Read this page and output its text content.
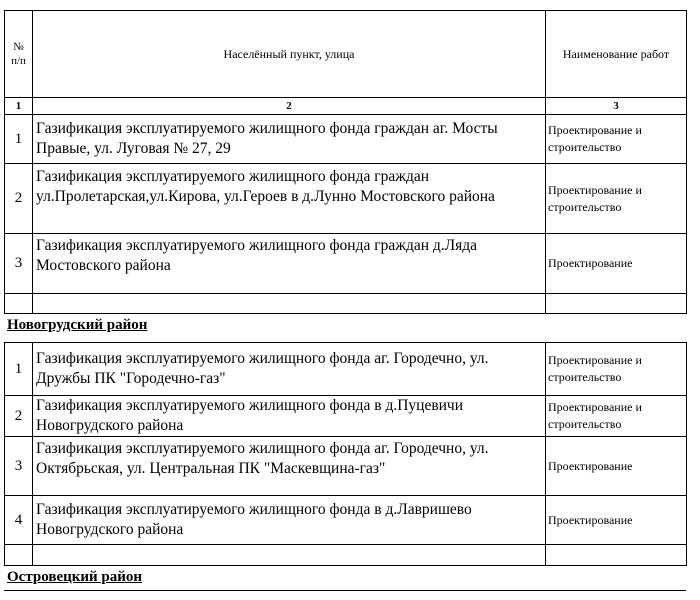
№
п/п	Населённый пункт, улица	Наименование работ
1	2	3
1	Газификация эксплуатируемого жилищного фонда граждан аг. Мосты Правые, ул. Луговая № 27, 29	Проектирование и строительство
2	Газификация эксплуатируемого жилищного фонда граждан ул.Пролетарская,ул.Кирова, ул.Героев в д.Лунно Мостовского района	Проектирование и строительство
3	Газификация эксплуатируемого жилищного фонда граждан д.Ляда Мостовского района	Проектирование

Новогрудский район
1	Газификация эксплуатируемого жилищного фонда аг. Городечно, ул. Дружбы ПК "Городечно-газ"	Проектирование и строительство
2	Газификация эксплуатируемого жилищного фонда в д.Пуцевичи Новогрудского района	Проектирование и строительство
3	Газификация эксплуатируемого жилищного фонда аг. Городечно, ул. Октябрьская, ул. Центральная ПК "Маскевщина-газ"	Проектирование
4	Газификация эксплуатируемого жилищного фонда в д.Лавришево Новогрудского района	Проектирование

Островецкий район
